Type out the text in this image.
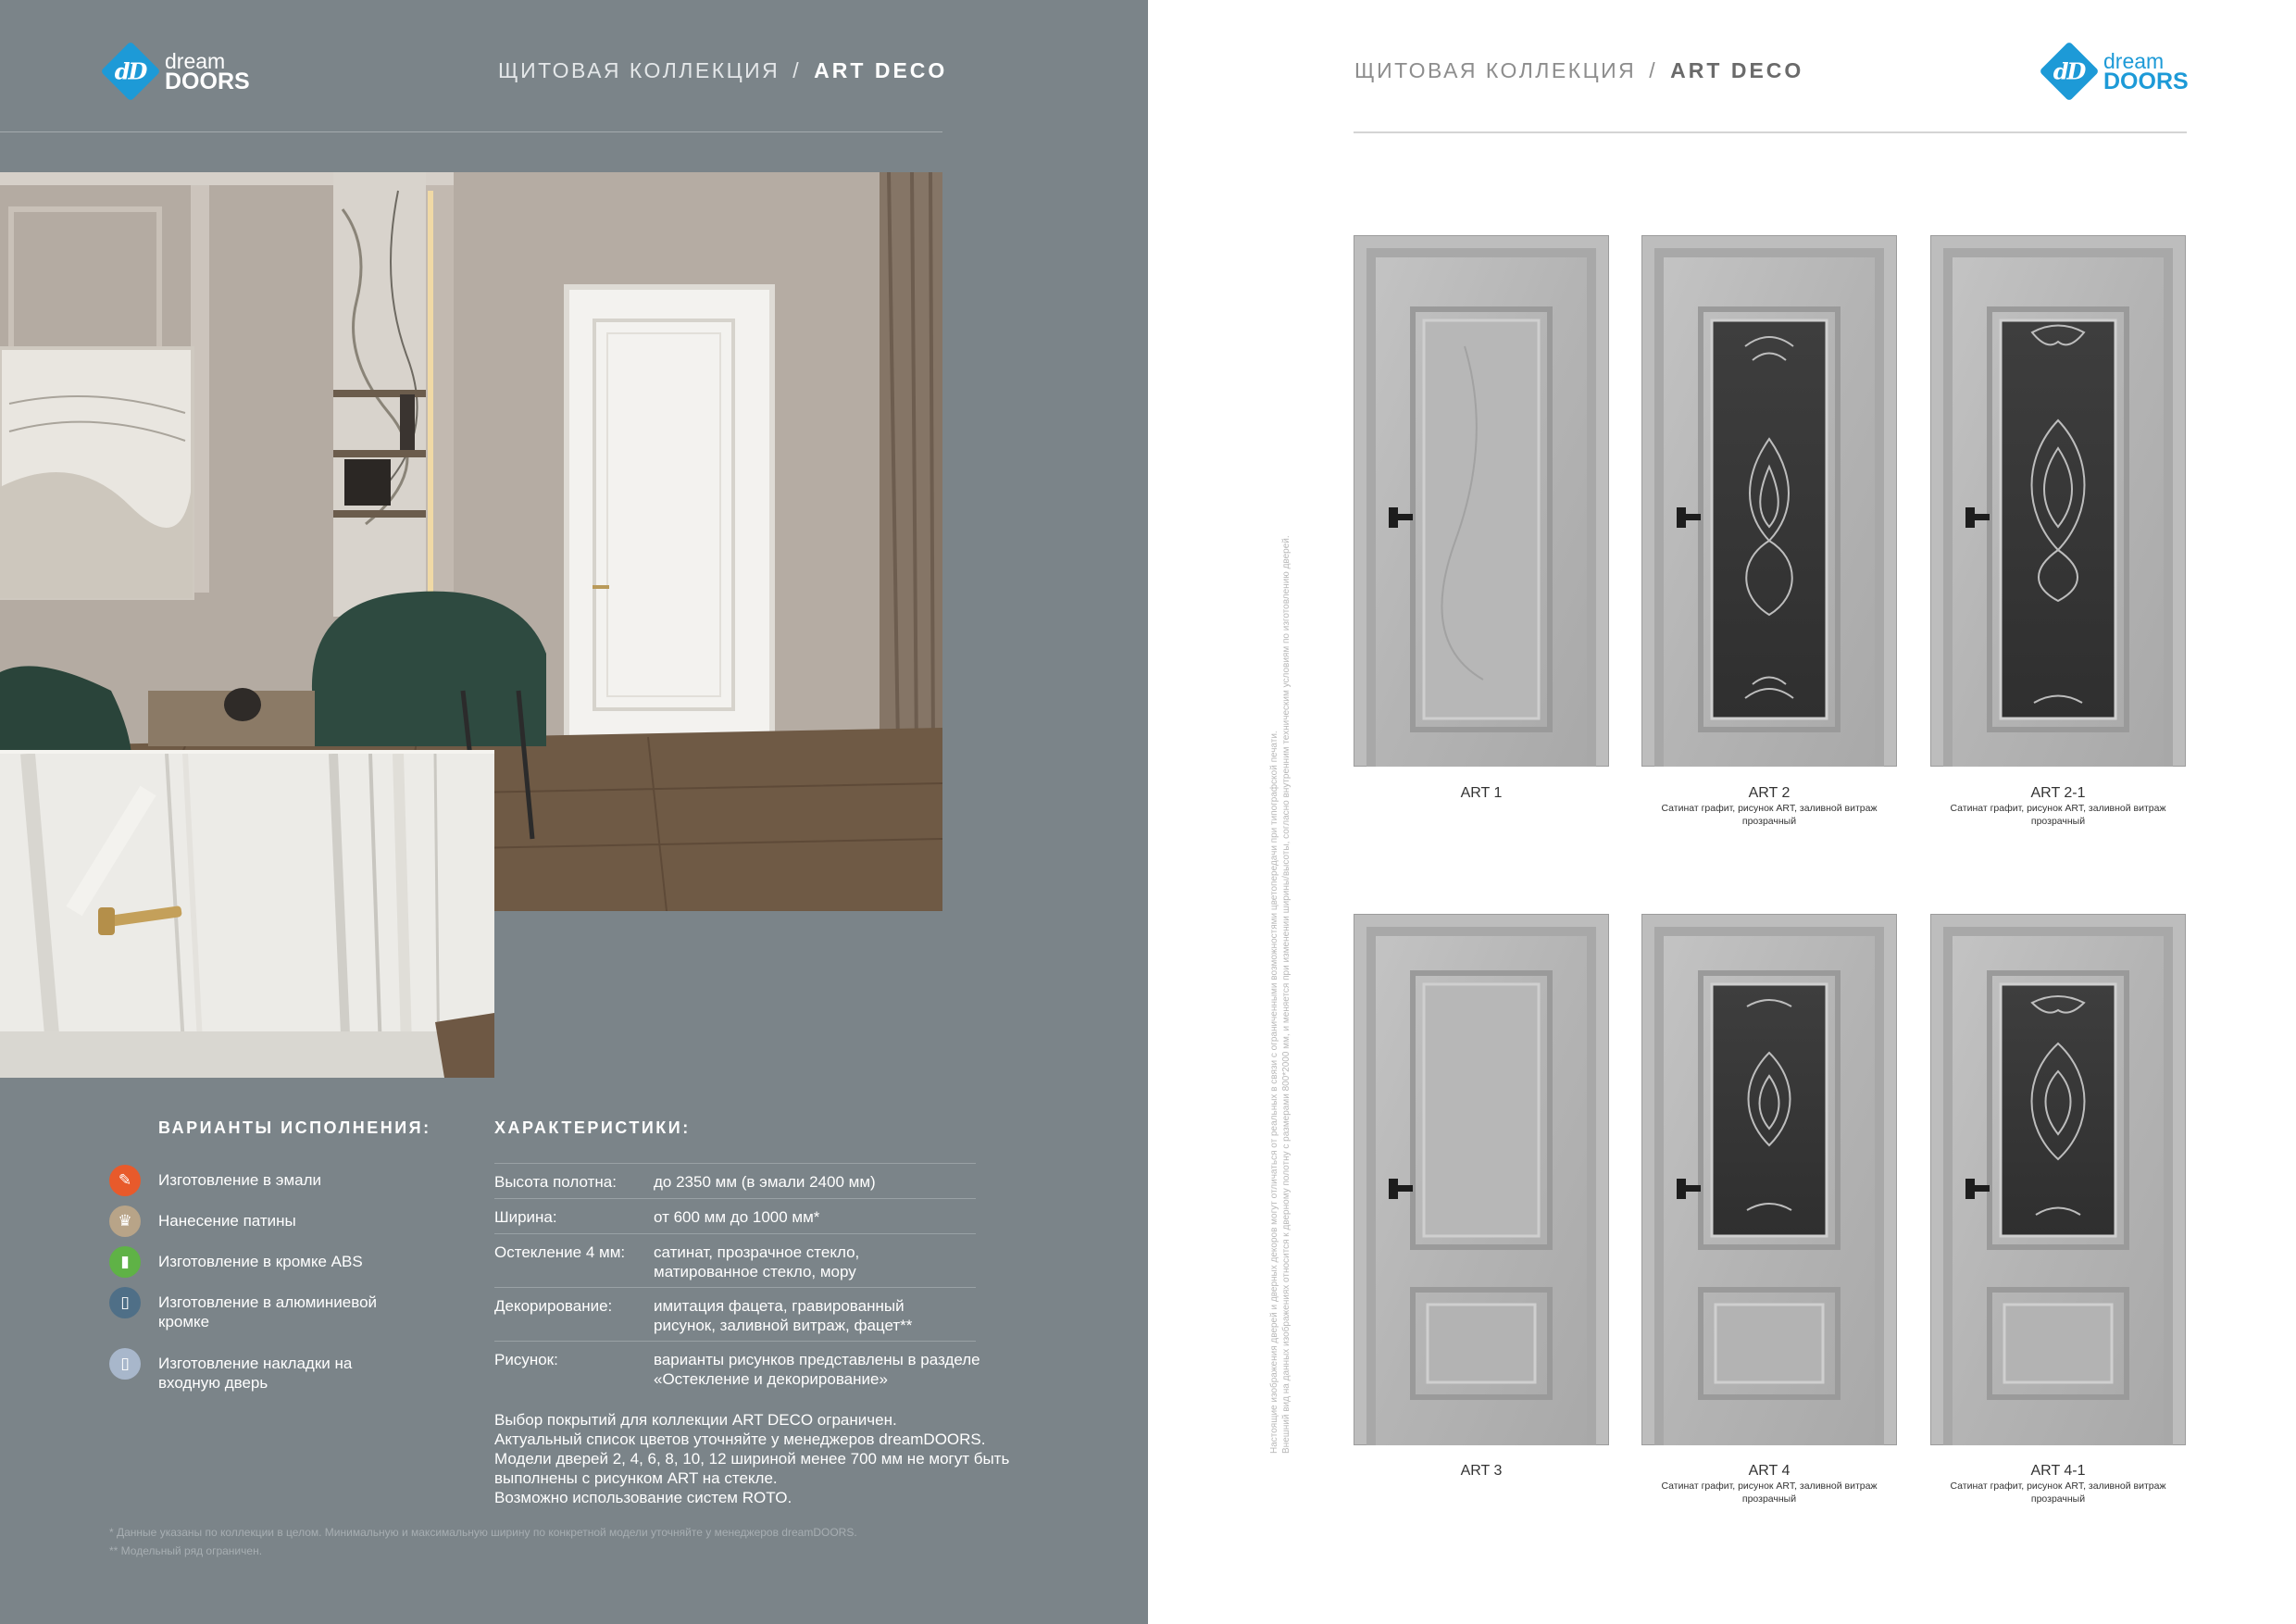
dD dream
DOORS	ЩИТОВАЯ КОЛЛЕКЦИЯ / ART DECO
ВАРИАНТЫ ИСПОЛНЕНИЯ:
✎	Изготовление в эмали
♛	Нанесение патины
▮	Изготовление в кромке ABS
▯	Изготовление в алюминиевой кромке
▯	Изготовление накладки на входную дверь
ХАРАКТЕРИСТИКИ:
Высота полотна:	до 2350 мм (в эмали 2400 мм)
Ширина:	от 600 мм до 1000 мм*
Остекление 4 мм:	сатинат, прозрачное стекло, матированное стекло, мору
Декорирование:	имитация фацета, гравированный рисунок, заливной витраж, фацет**
Рисунок:	варианты рисунков представлены в разделе «Остекление и декорирование»
Выбор покрытий для коллекции ART DECO ограничен.
Актуальный список цветов уточняйте у менеджеров dreamDOORS.
Модели дверей 2, 4, 6, 8, 10, 12 шириной менее 700 мм не могут быть
выполнены с рисунком ART на стекле.
Возможно использование систем ROTO.
* Данные указаны по коллекции в целом. Минимальную и максимальную ширину по конкретной модели уточняйте у менеджеров dreamDOORS.
** Модельный ряд ограничен.
ЩИТОВАЯ КОЛЛЕКЦИЯ / ART DECO	dD dream
DOORS
Настоящие изображения дверей и дверных декоров могут отличаться от реальных в связи с ограниченными возможностями цветопередачи при типографской печати. Внешний вид на данных изображениях относится к дверному полотну с размерами 800*2000 мм, и меняется при изменении ширины/высоты, согласно внутренним техническим условиям по изготовлению дверей.	ART 1	ART 2
Сатинат графит, рисунок ART, заливной витраж прозрачный
ART 2-1
Сатинат графит, рисунок ART, заливной витраж прозрачный
ART 3	ART 4
Сатинат графит, рисунок ART, заливной витраж прозрачный
ART 4-1
Сатинат графит, рисунок ART, заливной витраж прозрачный
